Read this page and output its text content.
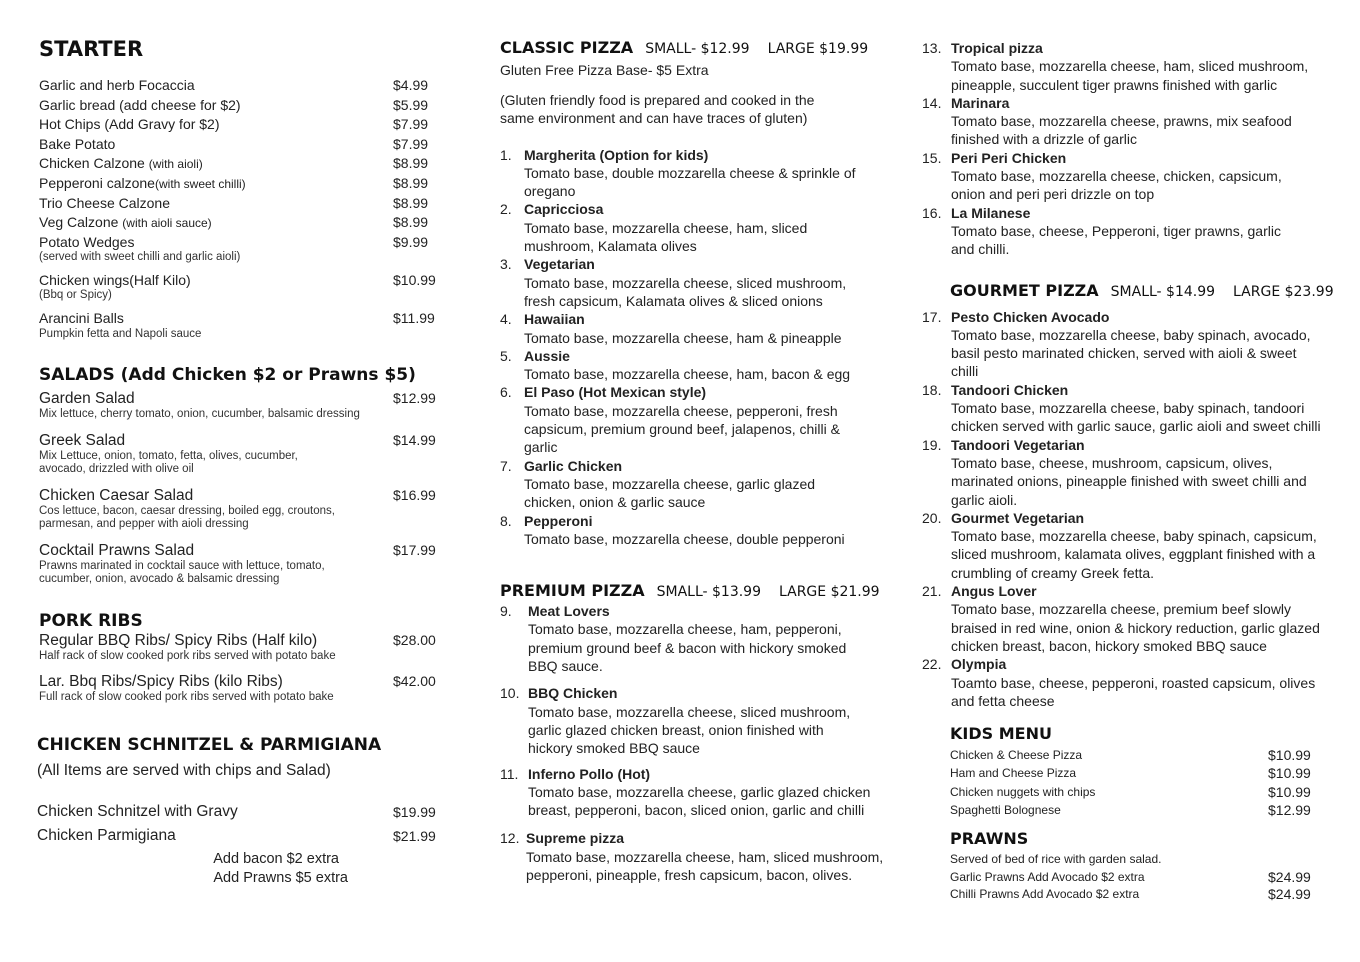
STARTER
Garlic and herb Focaccia	$4.99
Garlic bread (add cheese for $2)	$5.99
Hot Chips (Add Gravy for $2)	$7.99
Bake Potato	$7.99
Chicken Calzone (with aioli)	$8.99
Pepperoni calzone(with sweet chilli)	$8.99
Trio Cheese Calzone	$8.99
Veg Calzone (with aioli sauce)	$8.99
Potato Wedges	$9.99
(served with sweet chilli and garlic aioli)
Chicken wings(Half Kilo)	$10.99
(Bbq or Spicy)
Arancini Balls	$11.99
Pumpkin fetta and Napoli sauce
SALADS (Add Chicken $2 or Prawns $5)
Garden Salad	$12.99
Mix lettuce, cherry tomato, onion, cucumber, balsamic dressing
Greek Salad	$14.99
Mix Lettuce, onion, tomato, fetta, olives, cucumber, avocado, drizzled with olive oil
Chicken Caesar Salad	$16.99
Cos lettuce, bacon, caesar dressing, boiled egg, croutons, parmesan, and pepper with aioli dressing
Cocktail Prawns Salad	$17.99
Prawns marinated in cocktail sauce with lettuce, tomato, cucumber, onion, avocado & balsamic dressing
PORK RIBS
Regular BBQ Ribs/ Spicy Ribs (Half kilo)	$28.00
Half rack of slow cooked pork ribs served with potato bake
Lar. Bbq Ribs/Spicy Ribs (kilo Ribs)	$42.00
Full rack of slow cooked pork ribs served with potato bake
CHICKEN SCHNITZEL & PARMIGIANA
(All Items are served with chips and Salad)
Chicken Schnitzel with Gravy	$19.99
Chicken Parmigiana	$21.99
Add bacon $2 extra
Add Prawns $5 extra
CLASSIC PIZZA SMALL- $12.99 LARGE $19.99
Gluten Free Pizza Base- $5 Extra
(Gluten friendly food is prepared and cooked in the same environment and can have traces of gluten)
1. Margherita (Option for kids)
Tomato base, double mozzarella cheese & sprinkle of oregano
2. Capricciosa
Tomato base, mozzarella cheese, ham, sliced mushroom, Kalamata olives
3. Vegetarian
Tomato base, mozzarella cheese, sliced mushroom, fresh capsicum, Kalamata olives & sliced onions
4. Hawaiian
Tomato base, mozzarella cheese, ham & pineapple
5. Aussie
Tomato base, mozzarella cheese, ham, bacon & egg
6. El Paso (Hot Mexican style)
Tomato base, mozzarella cheese, pepperoni, fresh capsicum, premium ground beef, jalapenos, chilli & garlic
7. Garlic Chicken
Tomato base, mozzarella cheese, garlic glazed chicken, onion & garlic sauce
8. Pepperoni
Tomato base, mozzarella cheese, double pepperoni
PREMIUM PIZZA SMALL- $13.99 LARGE $21.99
9.	Meat Lovers
Tomato base, mozzarella cheese, ham, pepperoni, premium ground beef & bacon with hickory smoked BBQ sauce.
10. BBQ Chicken
Tomato base, mozzarella cheese, sliced mushroom, garlic glazed chicken breast, onion finished with hickory smoked BBQ sauce
11. Inferno Pollo (Hot)
Tomato base, mozzarella cheese, garlic glazed chicken breast, pepperoni, bacon, sliced onion, garlic and chilli
12. Supreme pizza
Tomato base, mozzarella cheese, ham, sliced mushroom, pepperoni, pineapple, fresh capsicum, bacon, olives.
13. Tropical pizza
Tomato base, mozzarella cheese, ham, sliced mushroom, pineapple, succulent tiger prawns finished with garlic
14. Marinara
Tomato base, mozzarella cheese, prawns, mix seafood finished with a drizzle of garlic
15. Peri Peri Chicken
Tomato base, mozzarella cheese, chicken, capsicum, onion and peri peri drizzle on top
16. La Milanese
Tomato base, cheese, Pepperoni, tiger prawns, garlic and chilli.
GOURMET PIZZA SMALL- $14.99 LARGE $23.99
17. Pesto Chicken Avocado
Tomato base, mozzarella cheese, baby spinach, avocado, basil pesto marinated chicken, served with aioli & sweet chilli
18. Tandoori Chicken
Tomato base, mozzarella cheese, baby spinach, tandoori chicken served with garlic sauce, garlic aioli and sweet chilli
19. Tandoori Vegetarian
Tomato base, cheese, mushroom, capsicum, olives, marinated onions, pineapple finished with sweet chilli and garlic aioli.
20. Gourmet Vegetarian
Tomato base, mozzarella cheese, baby spinach, capsicum, sliced mushroom, kalamata olives, eggplant finished with a crumbling of creamy Greek fetta.
21. Angus Lover
Tomato base, mozzarella cheese, premium beef slowly braised in red wine, onion & hickory reduction, garlic glazed chicken breast, bacon, hickory smoked BBQ sauce
22. Olympia
Toamto base, cheese, pepperoni, roasted capsicum, olives and fetta cheese
KIDS MENU
Chicken & Cheese Pizza	$10.99
Ham and Cheese Pizza	$10.99
Chicken nuggets with chips	$10.99
Spaghetti Bolognese	$12.99
PRAWNS
Served of bed of rice with garden salad.
Garlic Prawns Add Avocado $2 extra	$24.99
Chilli Prawns Add Avocado $2 extra	$24.99
